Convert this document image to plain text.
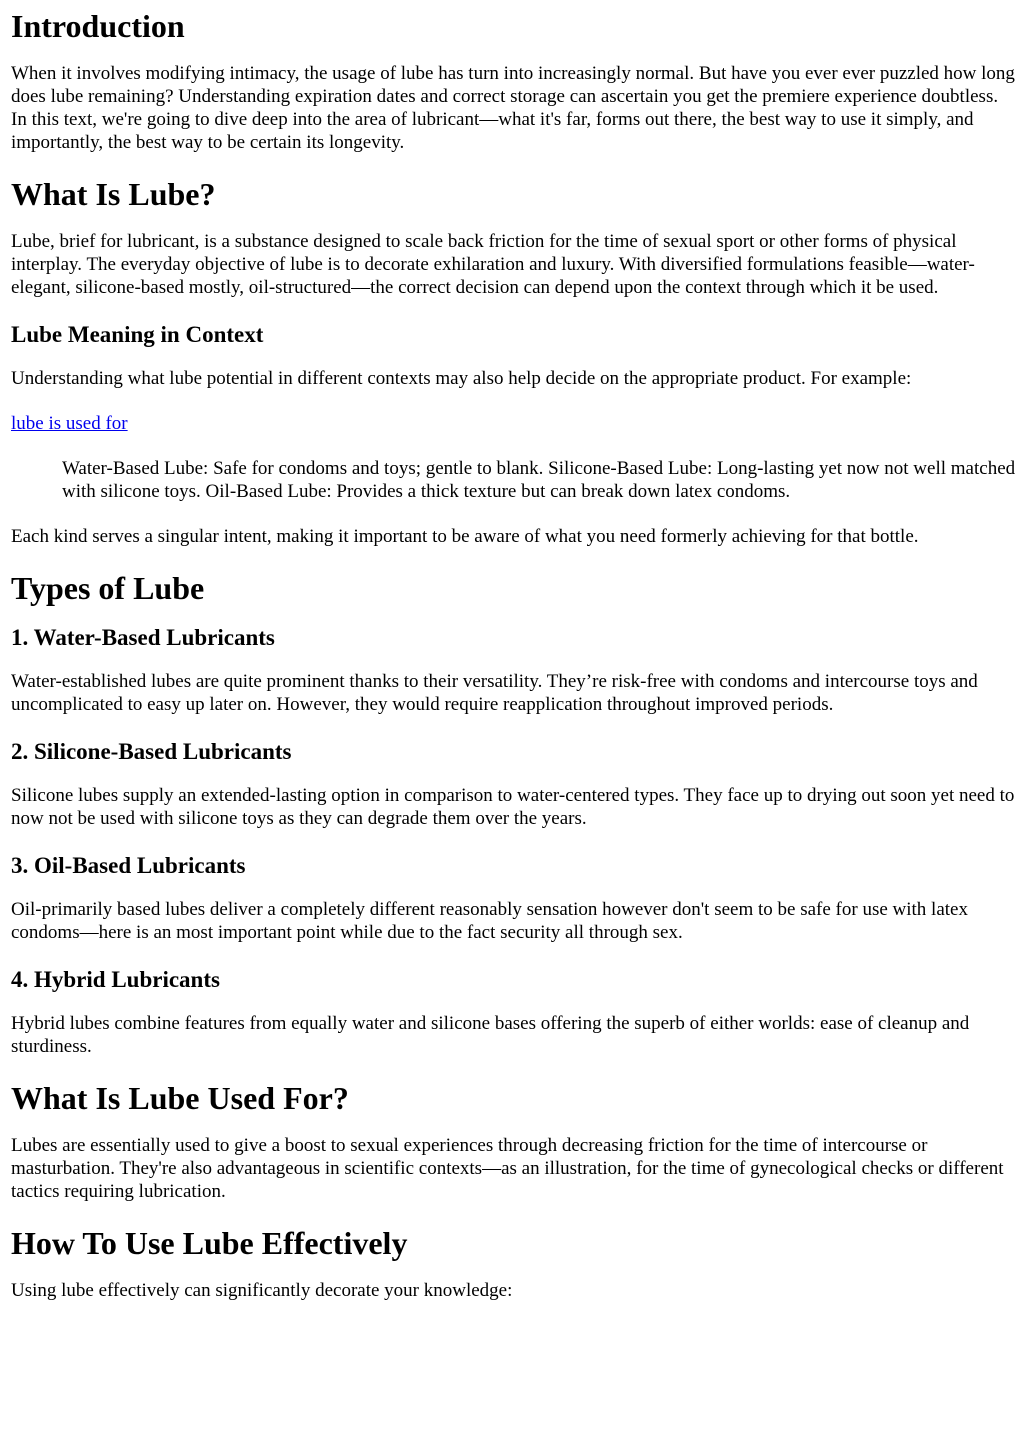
Introduction

When it involves modifying intimacy, the usage of lube has turn into increasingly normal. But have you ever ever puzzled how long does lube remaining? Understanding expiration dates and correct storage can ascertain you get the premiere experience doubtless. In this text, we're going to dive deep into the area of lubricant—what it's far, forms out there, the best way to use it simply, and importantly, the best way to be certain its longevity.

What Is Lube?

Lube, brief for lubricant, is a substance designed to scale back friction for the time of sexual sport or other forms of physical interplay. The everyday objective of lube is to decorate exhilaration and luxury. With diversified formulations feasible—water-elegant, silicone-based mostly, oil-structured—the correct decision can depend upon the context through which it be used.

Lube Meaning in Context

Understanding what lube potential in different contexts may also help decide on the appropriate product. For example:

lube is used for

Water-Based Lube: Safe for condoms and toys; gentle to blank. Silicone-Based Lube: Long-lasting yet now not well matched with silicone toys. Oil-Based Lube: Provides a thick texture but can break down latex condoms.

Each kind serves a singular intent, making it important to be aware of what you need formerly achieving for that bottle.

Types of Lube
1. Water-Based Lubricants

Water-established lubes are quite prominent thanks to their versatility. They’re risk-free with condoms and intercourse toys and uncomplicated to easy up later on. However, they would require reapplication throughout improved periods.

2. Silicone-Based Lubricants

Silicone lubes supply an extended-lasting option in comparison to water-centered types. They face up to drying out soon yet need to now not be used with silicone toys as they can degrade them over the years.

3. Oil-Based Lubricants

Oil-primarily based lubes deliver a completely different reasonably sensation however don't seem to be safe for use with latex condoms—here is an most important point while due to the fact security all through sex.

4. Hybrid Lubricants

Hybrid lubes combine features from equally water and silicone bases offering the superb of either worlds: ease of cleanup and sturdiness.

What Is Lube Used For?

Lubes are essentially used to give a boost to sexual experiences through decreasing friction for the time of intercourse or masturbation. They're also advantageous in scientific contexts—as an illustration, for the time of gynecological checks or different tactics requiring lubrication.

How To Use Lube Effectively

Using lube effectively can significantly decorate your knowledge:
